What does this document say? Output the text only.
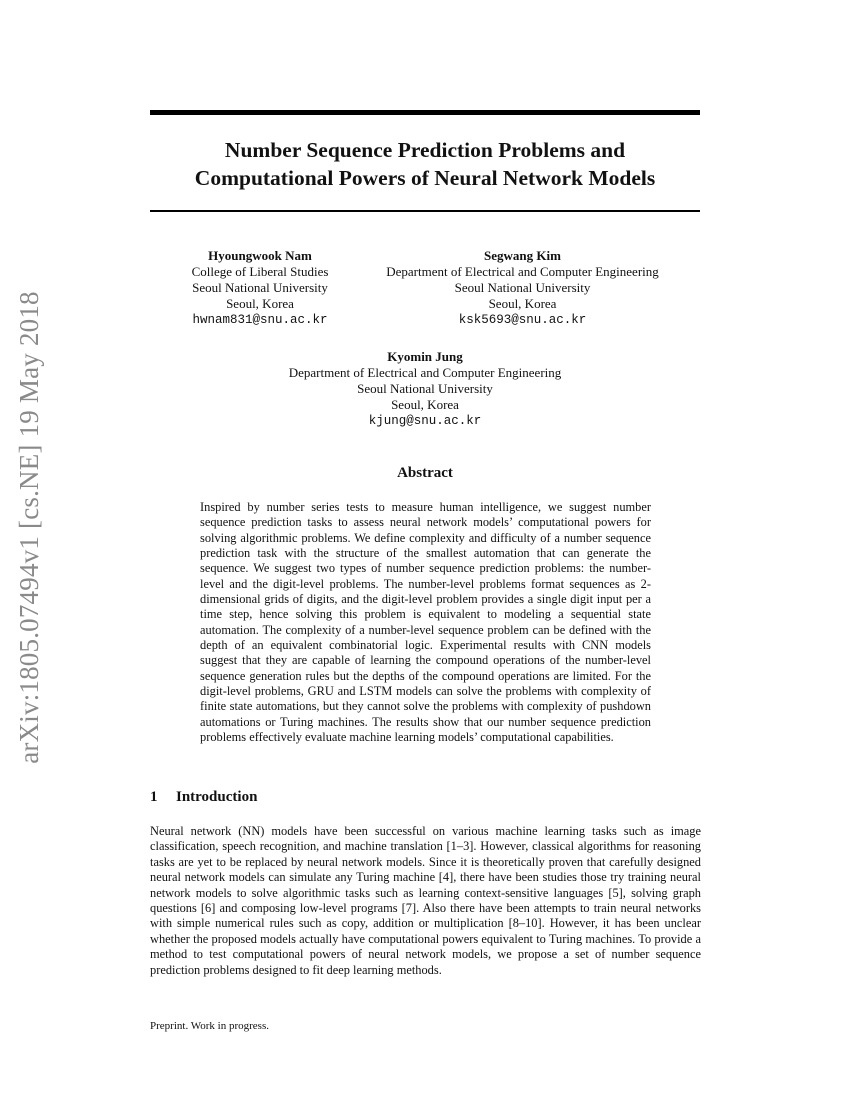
arXiv:1805.07494v1 [cs.NE] 19 May 2018
Number Sequence Prediction Problems and
Computational Powers of Neural Network Models
Hyoungwook Nam
College of Liberal Studies
Seoul National University
Seoul, Korea
hwnam831@snu.ac.kr
Segwang Kim
Department of Electrical and Computer Engineering
Seoul National University
Seoul, Korea
ksk5693@snu.ac.kr
Kyomin Jung
Department of Electrical and Computer Engineering
Seoul National University
Seoul, Korea
kjung@snu.ac.kr
Abstract
Inspired by number series tests to measure human intelligence, we suggest number sequence prediction tasks to assess neural network models’ computational powers for solving algorithmic problems. We define complexity and difficulty of a number sequence prediction task with the structure of the smallest automation that can generate the sequence. We suggest two types of number sequence prediction problems: the number-level and the digit-level problems. The number-level problems format sequences as 2-dimensional grids of digits, and the digit-level problem provides a single digit input per a time step, hence solving this problem is equivalent to modeling a sequential state automation. The complexity of a number-level sequence problem can be defined with the depth of an equivalent combinatorial logic. Experimental results with CNN models suggest that they are capable of learning the compound operations of the number-level sequence generation rules but the depths of the compound operations are limited. For the digit-level problems, GRU and LSTM models can solve the problems with complexity of finite state automations, but they cannot solve the problems with complexity of pushdown automations or Turing machines. The results show that our number sequence prediction problems effectively evaluate machine learning models’ computational capabilities.
1 Introduction
Neural network (NN) models have been successful on various machine learning tasks such as image classification, speech recognition, and machine translation [1–3]. However, classical algorithms for reasoning tasks are yet to be replaced by neural network models. Since it is theoretically proven that carefully designed neural network models can simulate any Turing machine [4], there have been studies those try training neural network models to solve algorithmic tasks such as learning context-sensitive languages [5], solving graph questions [6] and composing low-level programs [7]. Also there have been attempts to train neural networks with simple numerical rules such as copy, addition or multiplication [8–10]. However, it has been unclear whether the proposed models actually have computational powers equivalent to Turing machines. To provide a method to test computational powers of neural network models, we propose a set of number sequence prediction problems designed to fit deep learning methods.
Preprint. Work in progress.
